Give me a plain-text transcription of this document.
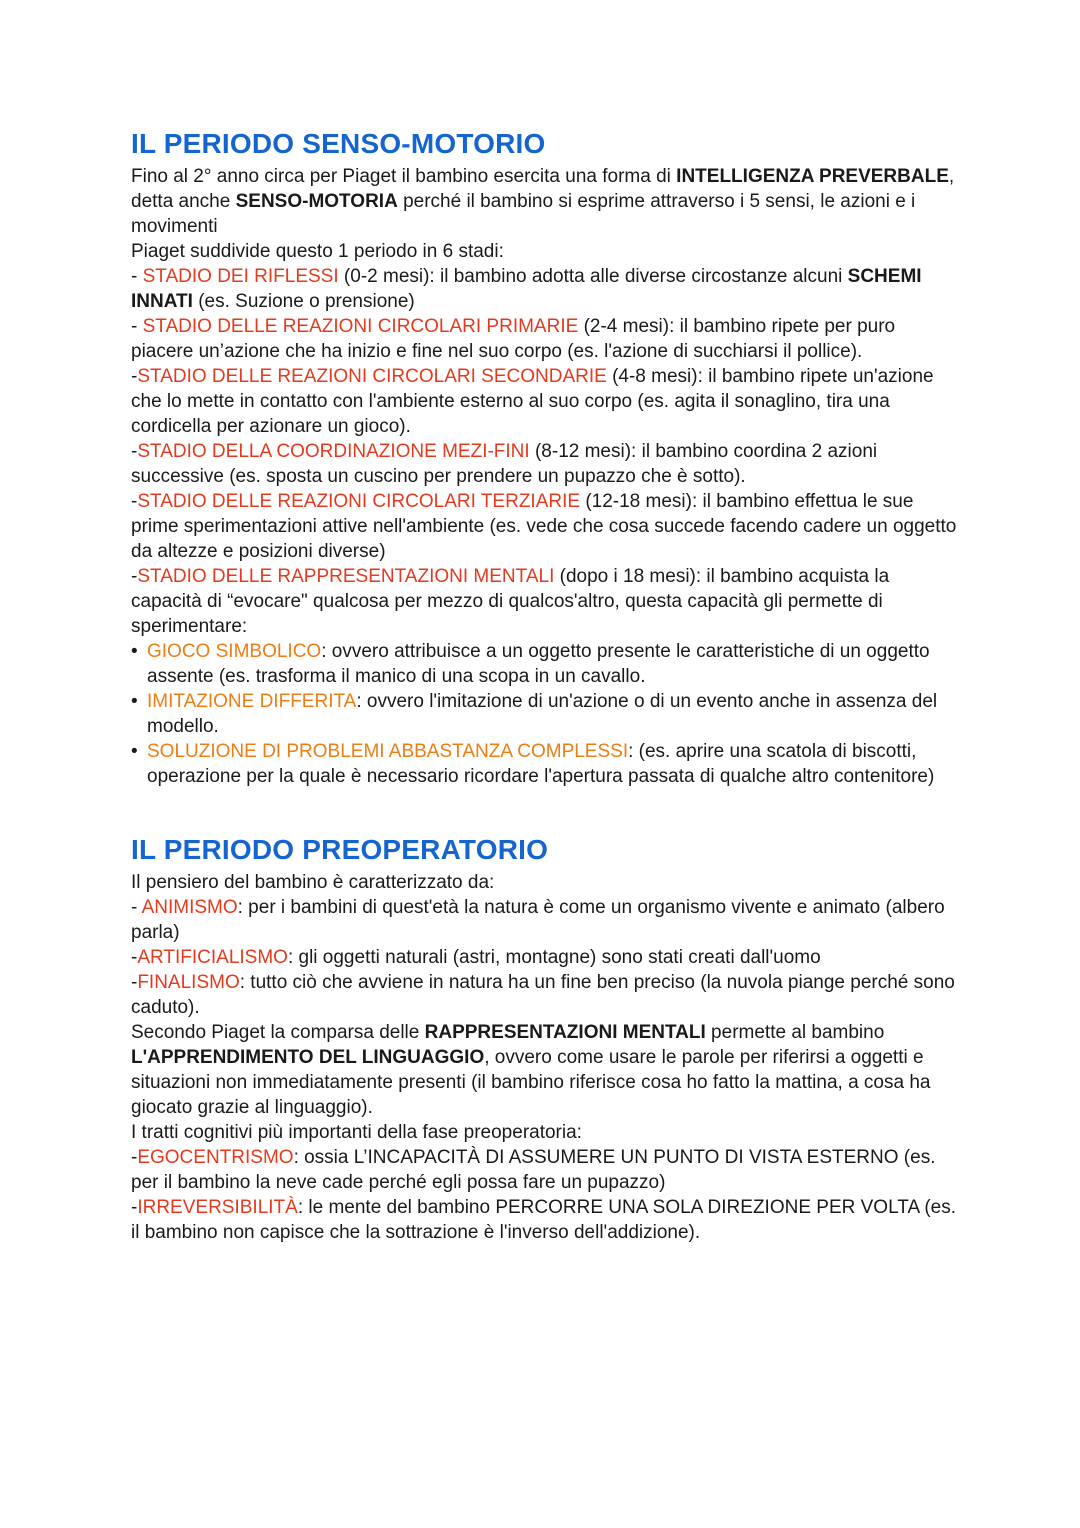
IL PERIODO SENSO-MOTORIO

Fino al 2° anno circa per Piaget il bambino esercita una forma di INTELLIGENZA PREVERBALE, detta anche SENSO-MOTORIA perché il bambino si esprime attraverso i 5 sensi, le azioni e i movimenti

Piaget suddivide questo 1 periodo in 6 stadi:

- STADIO DEI RIFLESSI (0-2 mesi): il bambino adotta alle diverse circostanze alcuni SCHEMI INNATI (es. Suzione o prensione)

- STADIO DELLE REAZIONI CIRCOLARI PRIMARIE (2-4 mesi): il bambino ripete per puro piacere un’azione che ha inizio e fine nel suo corpo (es. l'azione di succhiarsi il pollice).

-STADIO DELLE REAZIONI CIRCOLARI SECONDARIE (4-8 mesi): il bambino ripete un'azione che lo mette in contatto con l'ambiente esterno al suo corpo (es. agita il sonaglino, tira una cordicella per azionare un gioco).

-STADIO DELLA COORDINAZIONE MEZI-FINI (8-12 mesi): il bambino coordina 2 azioni successive (es. sposta un cuscino per prendere un pupazzo che è sotto).

-STADIO DELLE REAZIONI CIRCOLARI TERZIARIE (12-18 mesi): il bambino effettua le sue prime sperimentazioni attive nell'ambiente (es. vede che cosa succede facendo cadere un oggetto da altezze e posizioni diverse)

-STADIO DELLE RAPPRESENTAZIONI MENTALI (dopo i 18 mesi): il bambino acquista la capacità di “evocare" qualcosa per mezzo di qualcos'altro, questa capacità gli permette di sperimentare:

• GIOCO SIMBOLICO: ovvero attribuisce a un oggetto presente le caratteristiche di un oggetto assente (es. trasforma il manico di una scopa in un cavallo.
• IMITAZIONE DIFFERITA: ovvero l'imitazione di un'azione o di un evento anche in assenza del modello.
• SOLUZIONE DI PROBLEMI ABBASTANZA COMPLESSI: (es. aprire una scatola di biscotti, operazione per la quale è necessario ricordare l'apertura passata di qualche altro contenitore)
IL PERIODO PREOPERATORIO

Il pensiero del bambino è caratterizzato da:

- ANIMISMO: per i bambini di quest'età la natura è come un organismo vivente e animato (albero parla)

-ARTIFICIALISMO: gli oggetti naturali (astri, montagne) sono stati creati dall'uomo

-FINALISMO: tutto ciò che avviene in natura ha un fine ben preciso (la nuvola piange perché sono caduto).

Secondo Piaget la comparsa delle RAPPRESENTAZIONI MENTALI permette al bambino L'APPRENDIMENTO DEL LINGUAGGIO, ovvero come usare le parole per riferirsi a oggetti e situazioni non immediatamente presenti (il bambino riferisce cosa ho fatto la mattina, a cosa ha giocato grazie al linguaggio).

I tratti cognitivi più importanti della fase preoperatoria:

-EGOCENTRISMO: ossia L’INCAPACITÀ DI ASSUMERE UN PUNTO DI VISTA ESTERNO (es. per il bambino la neve cade perché egli possa fare un pupazzo)

-IRREVERSIBILITÀ: le mente del bambino PERCORRE UNA SOLA DIREZIONE PER VOLTA (es. il bambino non capisce che la sottrazione è l'inverso dell'addizione).
